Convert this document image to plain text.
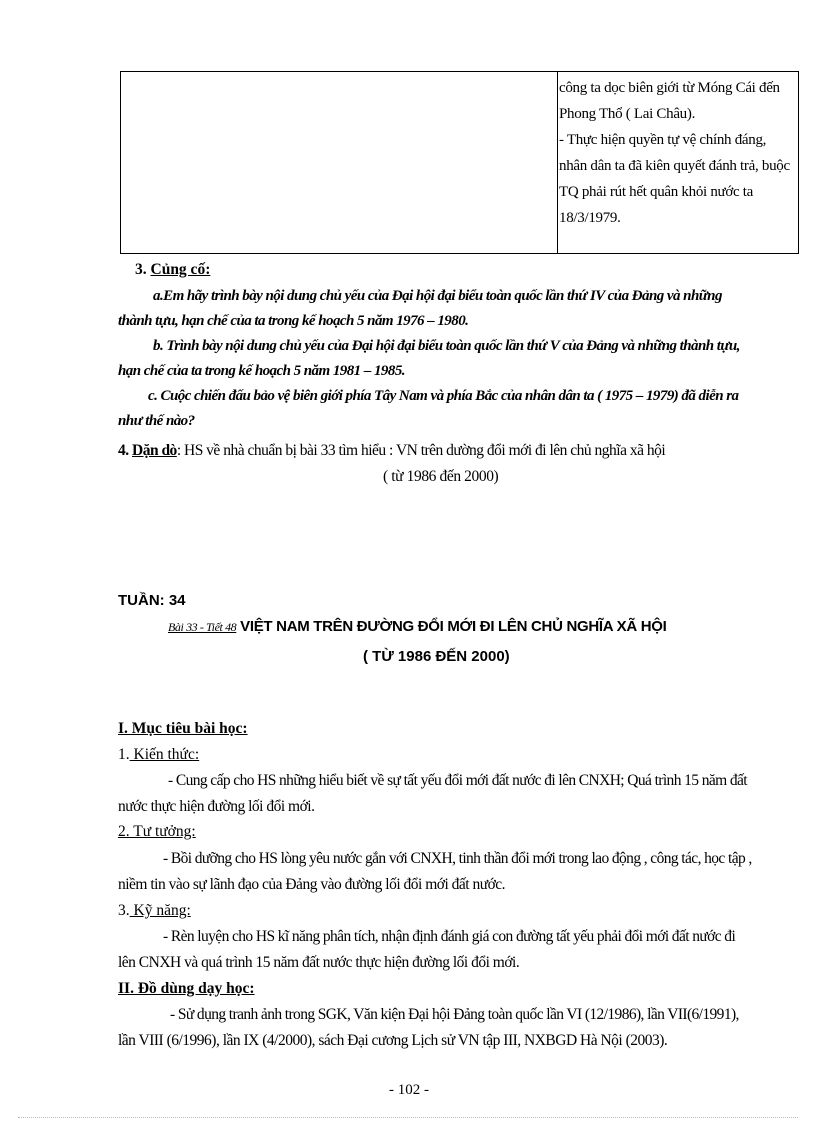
công ta dọc biên giới từ Móng Cái đến
Phong Thổ ( Lai Châu).
- Thực hiện quyền tự vệ chính đáng,
nhân dân ta đã kiên quyết đánh trả, buộc
TQ phải rút hết quân khỏi nước ta
18/3/1979.
3. Củng cố:
a.Em hãy trình bày nội dung chủ yếu của Đại hội đại biểu toàn quốc lần thứ IV của Đảng và những
thành tựu, hạn chế của ta trong kế hoạch 5 năm 1976 – 1980.
b. Trình bày nội dung chủ yếu của Đại hội đại biểu toàn quốc lần thứ V của Đảng và những thành tựu,
hạn chế của ta trong kế hoạch 5 năm 1981 – 1985.
c. Cuộc chiến đấu bảo vệ biên giới phía Tây Nam và phía Bắc của nhân dân ta ( 1975 – 1979) đã diễn ra
như thế nào?
4. Dặn dò: HS về nhà chuẩn bị bài 33 tìm hiểu : VN trên dường đổi mới đi lên chủ nghĩa xã hội
( từ 1986 đến 2000)
TUẦN: 34
Bài 33 - Tiết 48 VIỆT NAM TRÊN ĐƯỜNG ĐỔI MỚI ĐI LÊN CHỦ NGHĨA XÃ HỘI
( TỪ 1986 ĐẾN 2000)
I. Mục tiêu bài học:
1. Kiến thức:
- Cung cấp cho HS những hiểu biết về sự tất yếu đổi mới đất nước đi lên CNXH; Quá trình 15 năm đất
nước thực hiện đường lối đổi mới.
2. Tư tưởng:
- Bồi dưỡng cho HS lòng yêu nước gắn với CNXH, tinh thần đổi mới trong lao động , công tác, học tập ,
niềm tin vào sự lãnh đạo của Đảng vào đường lối đổi mới đất nước.
3. Kỹ năng:
- Rèn luyện cho HS kĩ năng phân tích, nhận định đánh giá con đường tất yếu phải đổi mới đất nước đi
lên CNXH và quá trình 15 năm đất nước thực hiện đường lối đổi mới.
II. Đồ dùng dạy học:
- Sử dụng tranh ảnh trong SGK, Văn kiện Đại hội Đảng toàn quốc lần VI (12/1986), lần VII(6/1991),
lần VIII (6/1996), lần IX (4/2000), sách Đại cương Lịch sử VN tập III, NXBGD Hà Nội (2003).
- 102 -
